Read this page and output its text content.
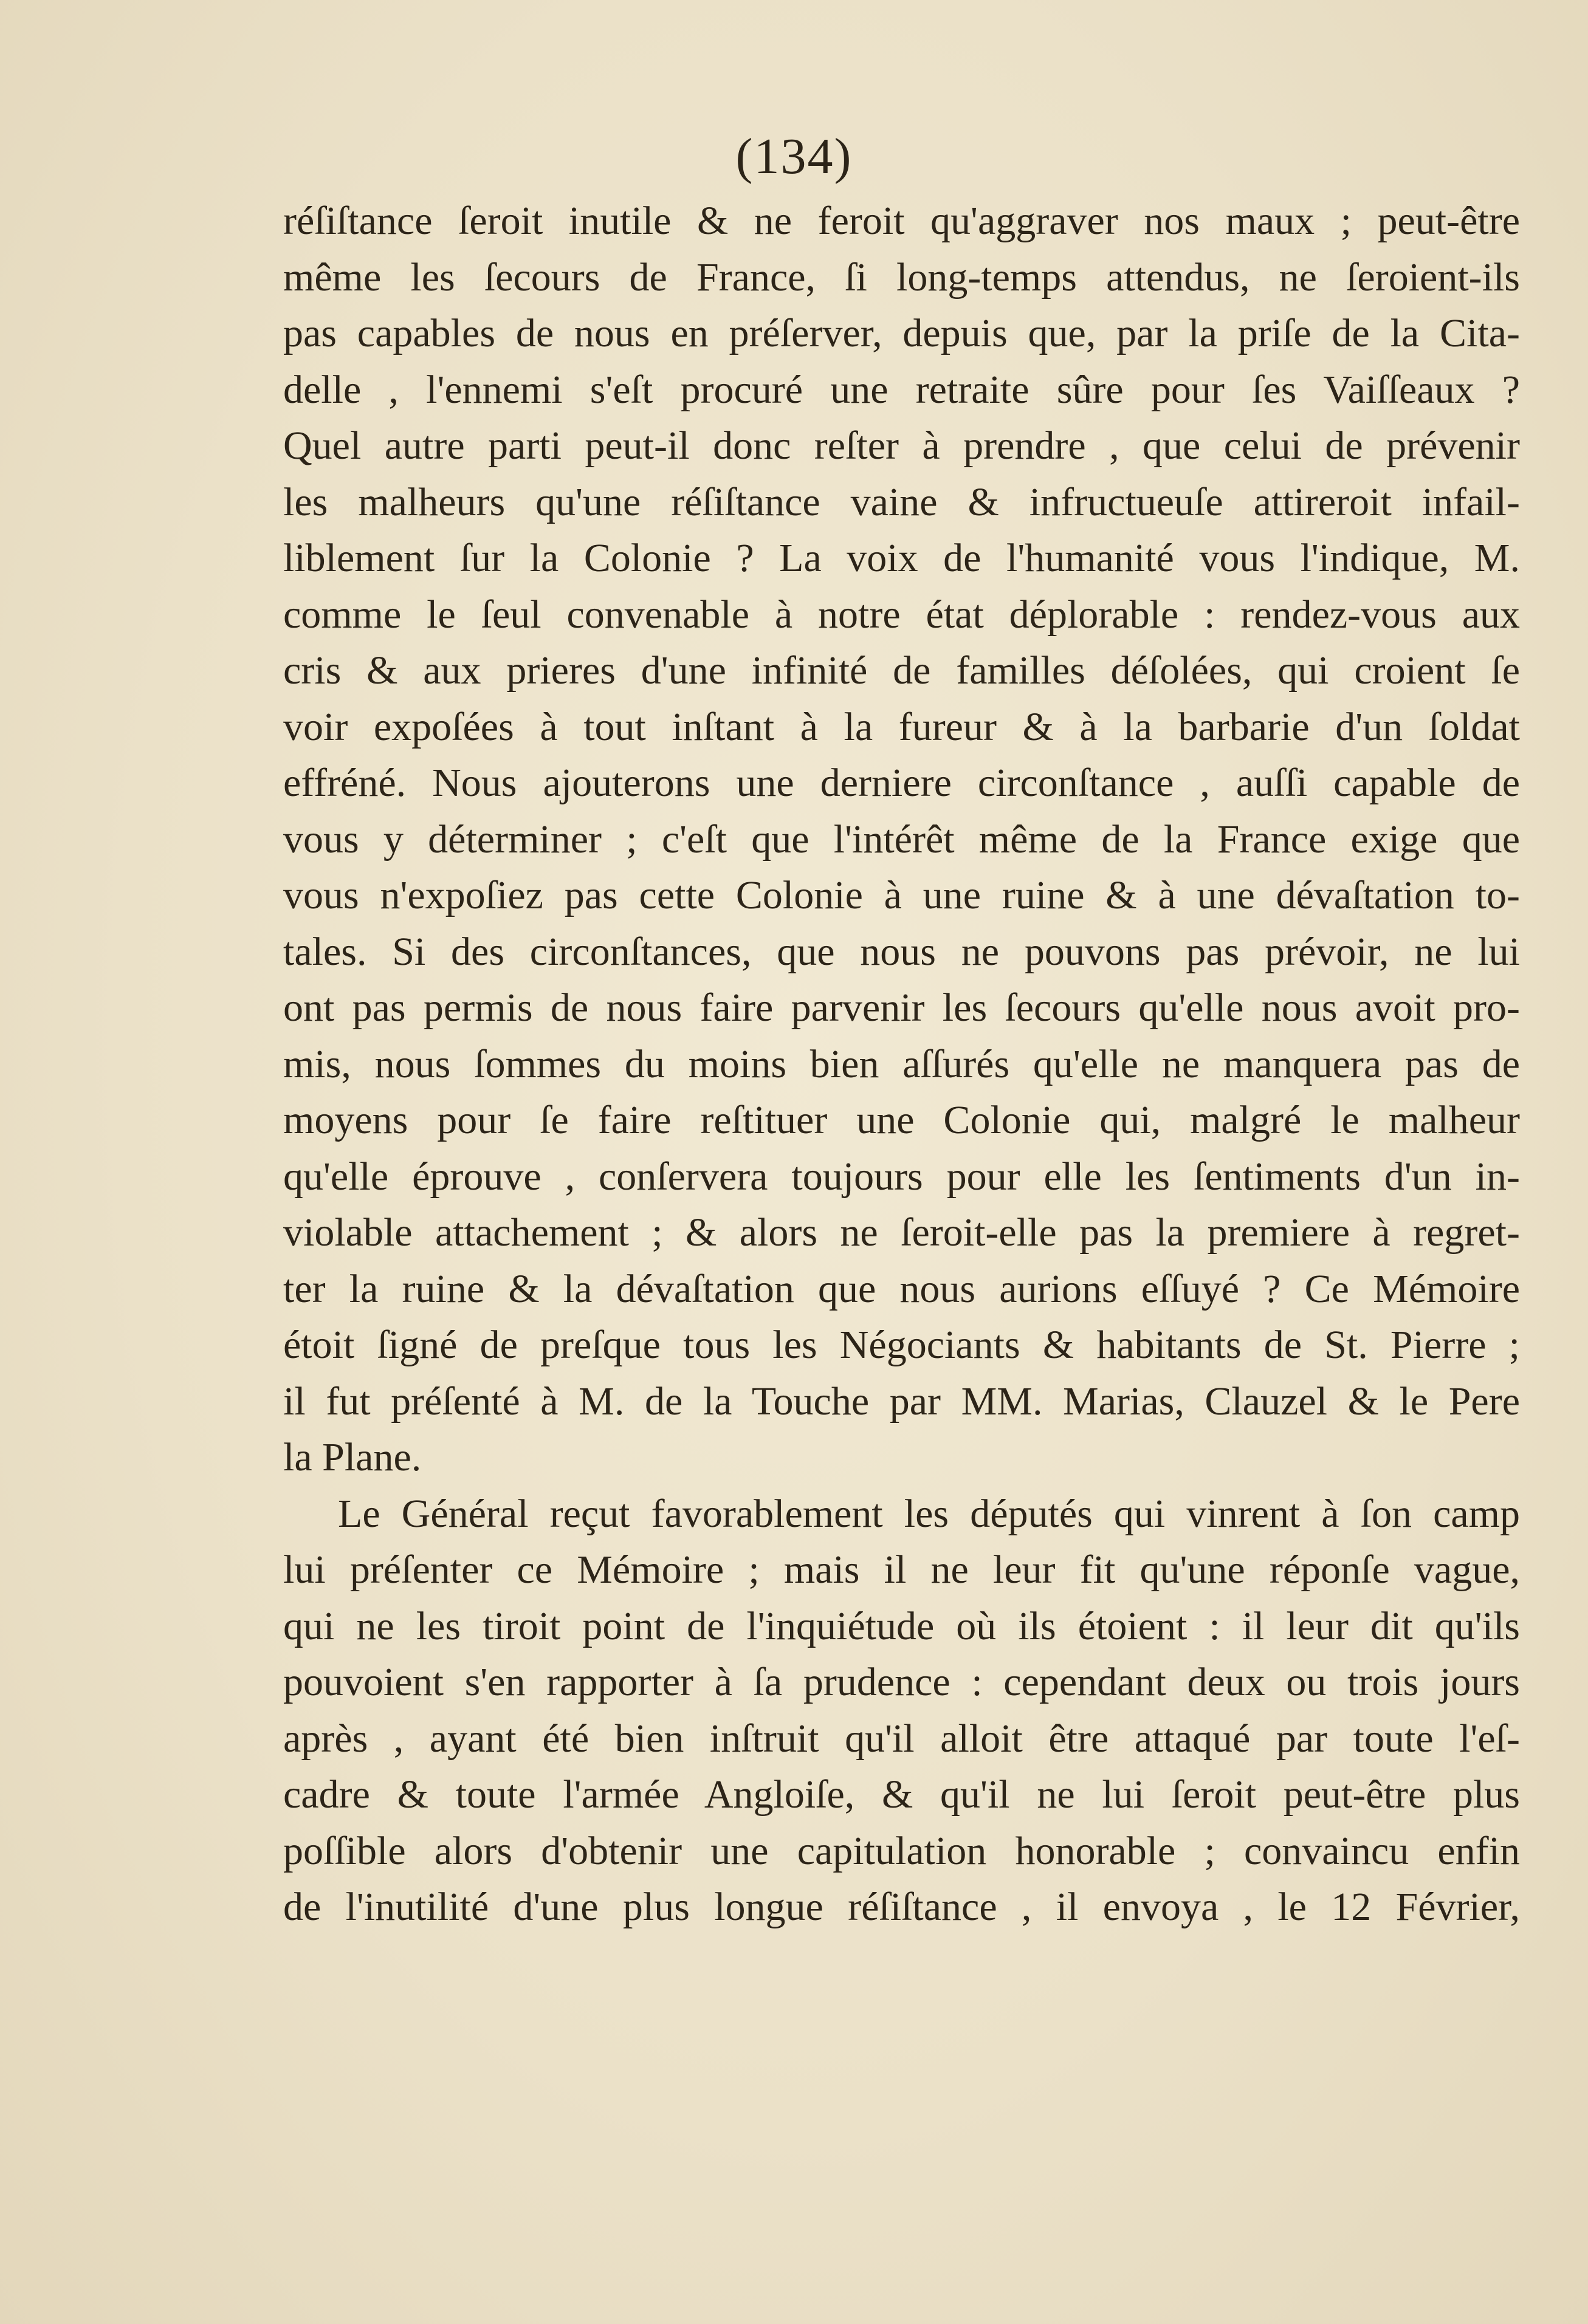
(134)
réſiſtance ſeroit inutile & ne feroit qu'aggraver nos maux ; peut-être
même les ſecours de France, ſi long-temps attendus, ne ſeroient-ils
pas capables de nous en préſerver, depuis que, par la priſe de la Cita-
delle , l'ennemi s'eſt procuré une retraite sûre pour ſes Vaiſſeaux ?
Quel autre parti peut-il donc reſter à prendre , que celui de prévenir
les malheurs qu'une réſiſtance vaine & infructueuſe attireroit infail-
liblement ſur la Colonie ? La voix de l'humanité vous l'indique, M.
comme le ſeul convenable à notre état déplorable : rendez-vous aux
cris & aux prieres d'une infinité de familles déſolées, qui croient ſe
voir expoſées à tout inſtant à la fureur & à la barbarie d'un ſoldat
effréné. Nous ajouterons une derniere circonſtance , auſſi capable de
vous y déterminer ; c'eſt que l'intérêt même de la France exige que
vous n'expoſiez pas cette Colonie à une ruine & à une dévaſtation to-
tales. Si des circonſtances, que nous ne pouvons pas prévoir, ne lui
ont pas permis de nous faire parvenir les ſecours qu'elle nous avoit pro-
mis, nous ſommes du moins bien aſſurés qu'elle ne manquera pas de
moyens pour ſe faire reſtituer une Colonie qui, malgré le malheur
qu'elle éprouve , conſervera toujours pour elle les ſentiments d'un in-
violable attachement ; & alors ne ſeroit-elle pas la premiere à regret-
ter la ruine & la dévaſtation que nous aurions eſſuyé ? Ce Mémoire
étoit ſigné de preſque tous les Négociants & habitants de St. Pierre ;
il fut préſenté à M. de la Touche par MM. Marias, Clauzel & le Pere
la Plane.
Le Général reçut favorablement les députés qui vinrent à ſon camp
lui préſenter ce Mémoire ; mais il ne leur fit qu'une réponſe vague,
qui ne les tiroit point de l'inquiétude où ils étoient : il leur dit qu'ils
pouvoient s'en rapporter à ſa prudence : cependant deux ou trois jours
après , ayant été bien inſtruit qu'il alloit être attaqué par toute l'eſ-
cadre & toute l'armée Angloiſe, & qu'il ne lui ſeroit peut-être plus
poſſible alors d'obtenir une capitulation honorable ; convaincu enfin
de l'inutilité d'une plus longue réſiſtance , il envoya , le 12 Février,
